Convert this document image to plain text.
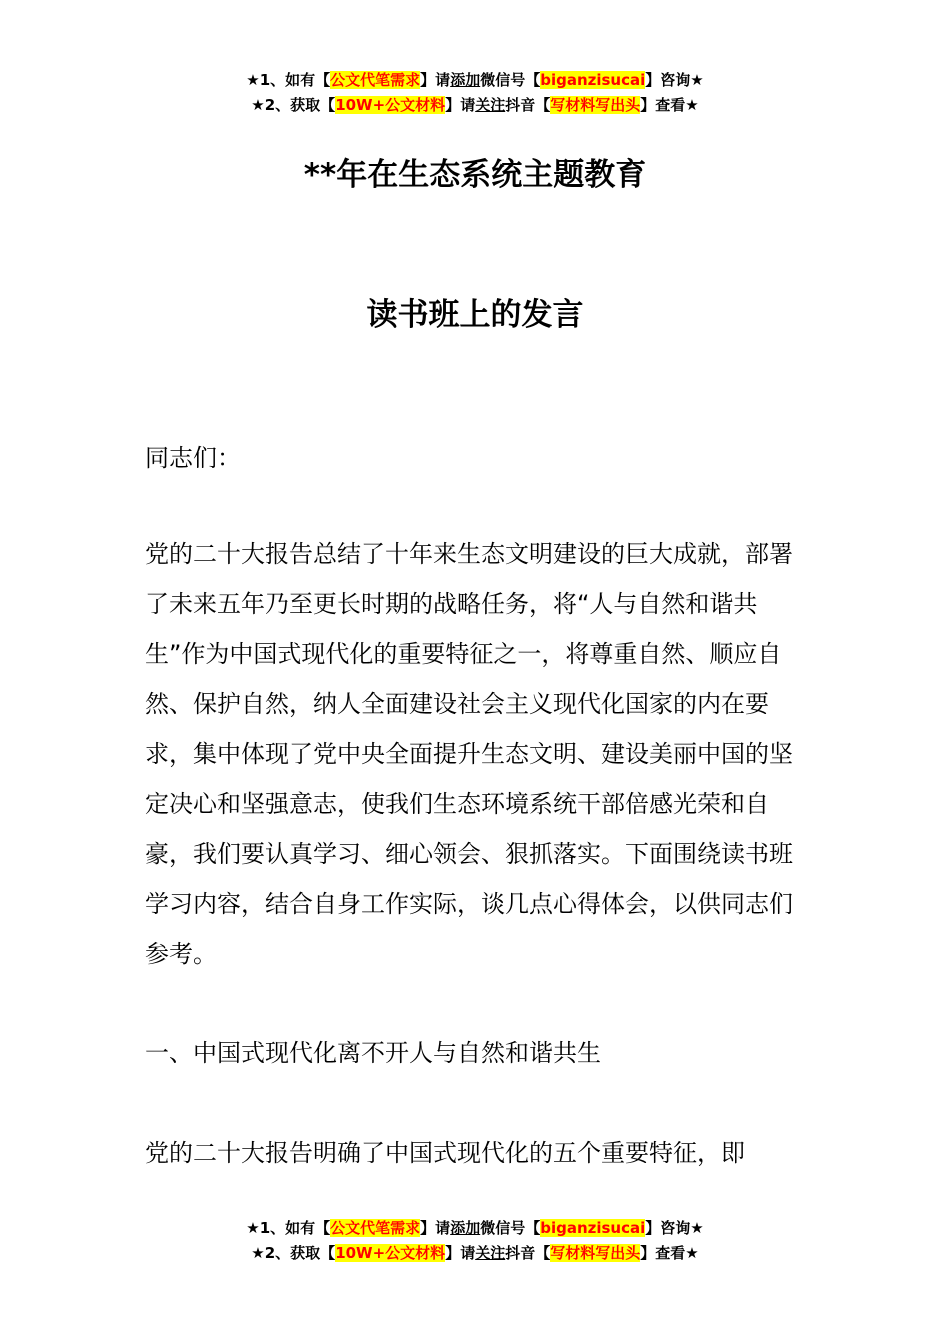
★1、如有【公文代笔需求】请添加微信号【biganzisucai】咨询★
★2、获取【10W+公文材料】请关注抖音【写材料写出头】查看★
**年在生态系统主题教育
读书班上的发言
同志们：
党的二十大报告总结了十年来生态文明建设的巨大成就，部署了未来五年乃至更长时期的战略任务，将“人与自然和谐共生”作为中国式现代化的重要特征之一，将尊重自然、顺应自然、保护自然，纳人全面建设社会主义现代化国家的内在要求，集中体现了党中央全面提升生态文明、建设美丽中国的坚定决心和坚强意志，使我们生态环境系统干部倍感光荣和自豪，我们要认真学习、细心领会、狠抓落实。下面围绕读书班学习内容，结合自身工作实际，谈几点心得体会，以供同志们参考。
一、中国式现代化离不开人与自然和谐共生
党的二十大报告明确了中国式现代化的五个重要特征，即
★1、如有【公文代笔需求】请添加微信号【biganzisucai】咨询★
★2、获取【10W+公文材料】请关注抖音【写材料写出头】查看★
